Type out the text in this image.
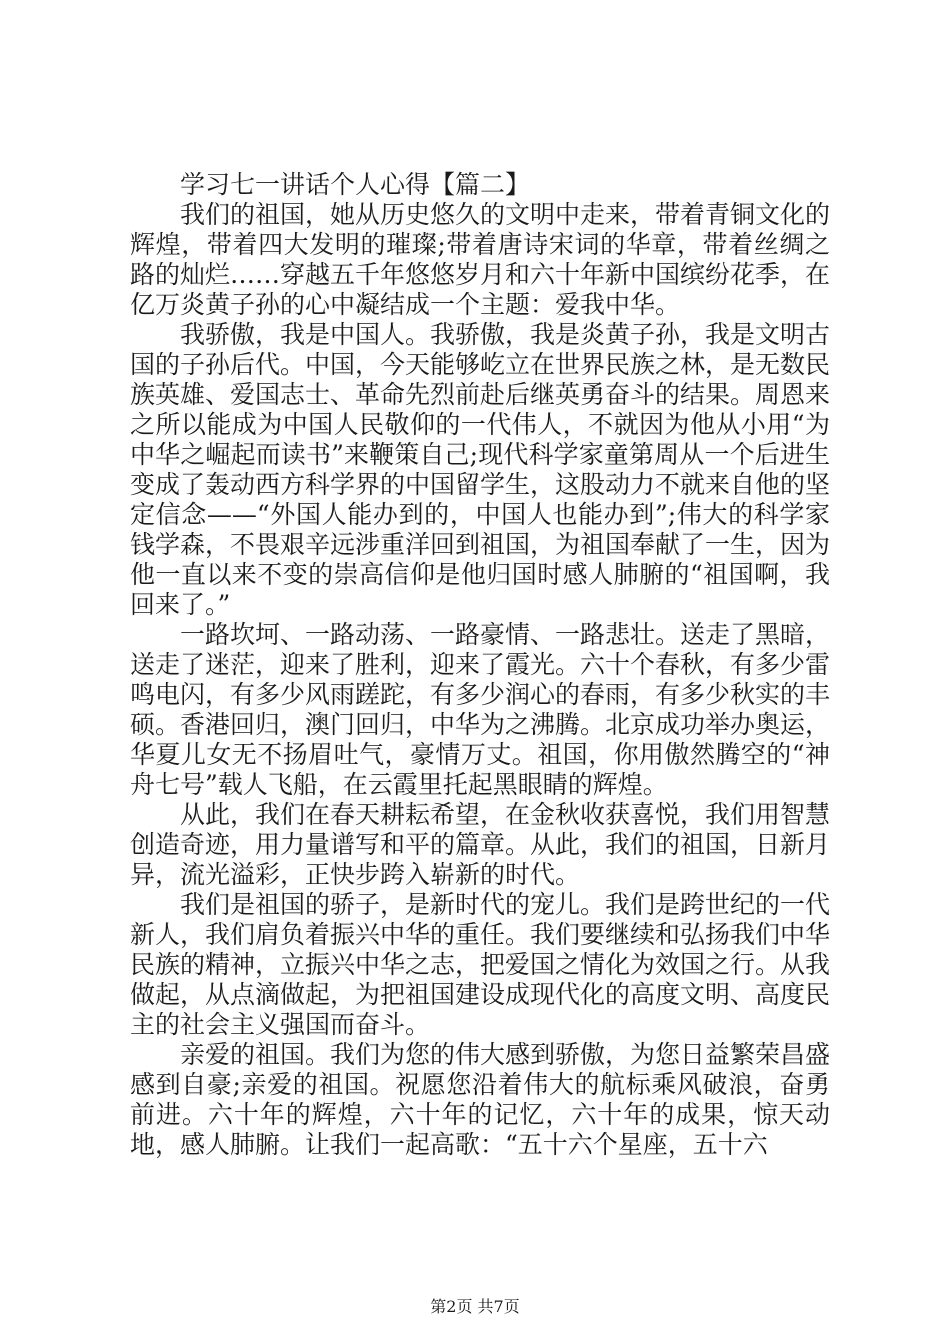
学习七一讲话个人心得【篇二】

我们的祖国，她从历史悠久的文明中走来，带着青铜文化的辉煌，带着四大发明的璀璨;带着唐诗宋词的华章，带着丝绸之路的灿烂……穿越五千年悠悠岁月和六十年新中国缤纷花季，在亿万炎黄子孙的心中凝结成一个主题：爱我中华。

我骄傲，我是中国人。我骄傲，我是炎黄子孙，我是文明古国的子孙后代。中国，今天能够屹立在世界民族之林，是无数民族英雄、爱国志士、革命先烈前赴后继英勇奋斗的结果。周恩来之所以能成为中国人民敬仰的一代伟人，不就因为他从小用“为中华之崛起而读书”来鞭策自己;现代科学家童第周从一个后进生变成了轰动西方科学界的中国留学生，这股动力不就来自他的坚定信念——“外国人能办到的，中国人也能办到”;伟大的科学家钱学森，不畏艰辛远涉重洋回到祖国，为祖国奉献了一生，因为他一直以来不变的崇高信仰是他归国时感人肺腑的“祖国啊，我回来了。”

一路坎坷、一路动荡、一路豪情、一路悲壮。送走了黑暗，送走了迷茫，迎来了胜利，迎来了霞光。六十个春秋，有多少雷鸣电闪，有多少风雨蹉跎，有多少润心的春雨，有多少秋实的丰硕。香港回归，澳门回归，中华为之沸腾。北京成功举办奥运，华夏儿女无不扬眉吐气，豪情万丈。祖国，你用傲然腾空的“神舟七号”载人飞船，在云霞里托起黑眼睛的辉煌。

从此，我们在春天耕耘希望，在金秋收获喜悦，我们用智慧创造奇迹，用力量谱写和平的篇章。从此，我们的祖国，日新月异，流光溢彩，正快步跨入崭新的时代。

我们是祖国的骄子，是新时代的宠儿。我们是跨世纪的一代新人，我们肩负着振兴中华的重任。我们要继续和弘扬我们中华民族的精神，立振兴中华之志，把爱国之情化为效国之行。从我做起，从点滴做起，为把祖国建设成现代化的高度文明、高度民主的社会主义强国而奋斗。

亲爱的祖国。我们为您的伟大感到骄傲，为您日益繁荣昌盛感到自豪;亲爱的祖国。祝愿您沿着伟大的航标乘风破浪，奋勇前进。六十年的辉煌，六十年的记忆，六十年的成果，惊天动地，感人肺腑。让我们一起高歌：“五十六个星座，五十六

第2页 共7页
